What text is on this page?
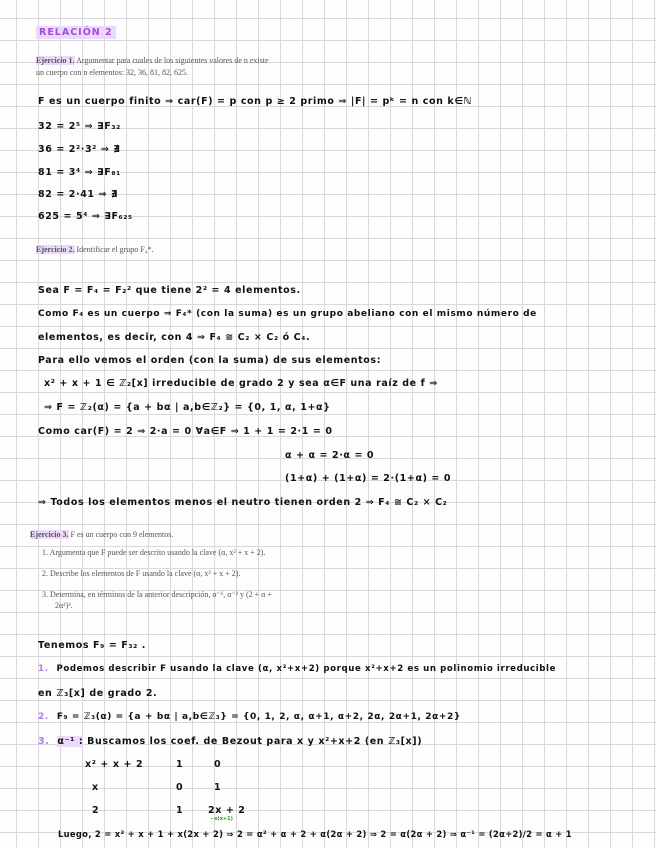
RELACIÓN 2
Ejercicio 1. Argumentar para cuales de los siguientes valores de n existe
un cuerpo con n elementos: 32, 36, 81, 82, 625.
F es un cuerpo finito ⇒ car(F) = p con p ≥ 2 primo ⇒ |F| = pᵏ = n con k∈ℕ
32 = 2⁵ ⇒ ∃F₃₂
36 = 2²·3² ⇒ ∄
81 = 3⁴ ⇒ ∃F₈₁
82 = 2·41 ⇒ ∄
625 = 5⁴ ⇒ ∃F₆₂₅
Ejercicio 2. Identificar el grupo F₄*.
Sea F = F₄ = F₂² que tiene 2² = 4 elementos.
Como F₄ es un cuerpo ⇒ F₄* (con la suma) es un grupo abeliano con el mismo número de
elementos, es decir, con 4 ⇒ F₄ ≅ C₂ × C₂ ó C₄.
Para ello vemos el orden (con la suma) de sus elementos:
x² + x + 1 ∈ ℤ₂[x] irreducible de grado 2 y sea α∈F una raíz de f ⇒
⇒ F = ℤ₂(α) = {a + bα | a,b∈ℤ₂} = {0, 1, α, 1+α}
Como car(F) = 2 ⇒ 2·a = 0 ∀a∈F ⇒ 1 + 1 = 2·1 = 0
α + α = 2·α = 0
(1+α) + (1+α) = 2·(1+α) = 0
⇒ Todos los elementos menos el neutro tienen orden 2 ⇒ F₄ ≅ C₂ × C₂
Ejercicio 3. F es un cuerpo con 9 elementos.
1. Argumenta que F puede ser descrito usando la clave (α, x² + x + 2).
2. Describe los elementos de F usando la clave (α, x² + x + 2).
3. Determina, en términos de la anterior descripción, α⁻¹, α⁻² y (2 + α +
2α²)³.
Tenemos F₉ = F₃₂ .
1. Podemos describir F usando la clave (α, x²+x+2) porque x²+x+2 es un polinomio irreducible
en ℤ₃[x] de grado 2.
2. F₉ = ℤ₃(α) = {a + bα | a,b∈ℤ₃} = {0, 1, 2, α, α+1, α+2, 2α, 2α+1, 2α+2}
3. α⁻¹ : Buscamos los coef. de Bezout para x y x²+x+2 (en ℤ₃[x])
x² + x + 2	1	0
x	0	1
2	1	2x + 2
−x(x+1)
Luego, 2 = x² + x + 1 + x(2x + 2) ⇒ 2 = α² + α + 2 + α(2α + 2) ⇒ 2 = α(2α + 2) ⇒ α⁻¹ = (2α+2)/2 = α + 1
